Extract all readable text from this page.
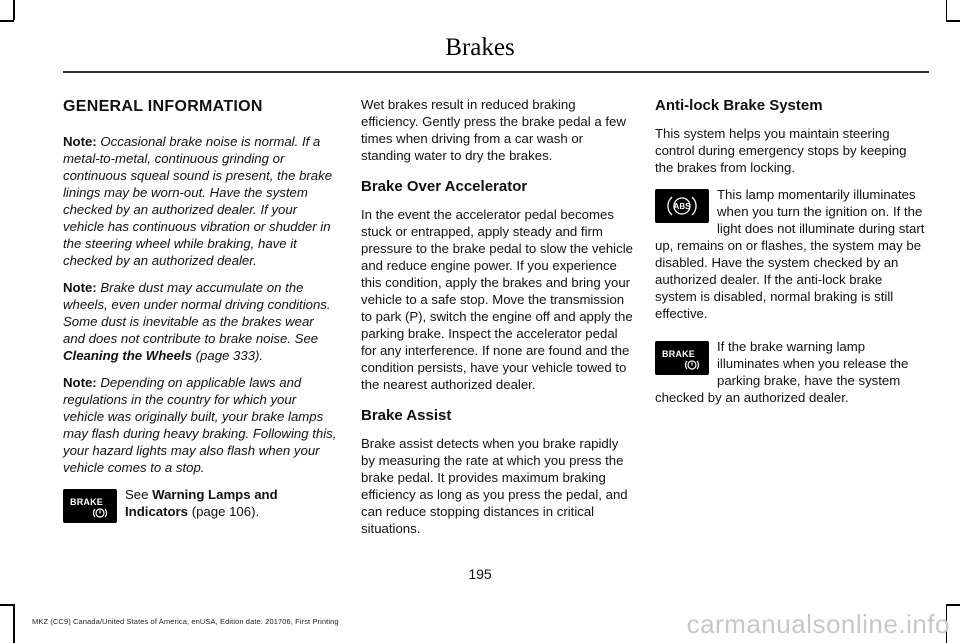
Brakes
GENERAL INFORMATION

Note: Occasional brake noise is normal. If a metal-to-metal, continuous grinding or continuous squeal sound is present, the brake linings may be worn-out. Have the system checked by an authorized dealer. If your vehicle has continuous vibration or shudder in the steering wheel while braking, have it checked by an authorized dealer.

Note: Brake dust may accumulate on the wheels, even under normal driving conditions. Some dust is inevitable as the brakes wear and does not contribute to brake noise. See Cleaning the Wheels (page 333).

Note: Depending on applicable laws and regulations in the country for which your vehicle was originally built, your brake lamps may flash during heavy braking. Following this, your hazard lights may also flash when your vehicle comes to a stop.

BRAKE	See Warning Lamps and Indicators (page 106).

Wet brakes result in reduced braking efficiency. Gently press the brake pedal a few times when driving from a car wash or standing water to dry the brakes.

Brake Over Accelerator

In the event the accelerator pedal becomes stuck or entrapped, apply steady and firm pressure to the brake pedal to slow the vehicle and reduce engine power. If you experience this condition, apply the brakes and bring your vehicle to a safe stop. Move the transmission to park (P), switch the engine off and apply the parking brake. Inspect the accelerator pedal for any interference. If none are found and the condition persists, have your vehicle towed to the nearest authorized dealer.

Brake Assist

Brake assist detects when you brake rapidly by measuring the rate at which you press the brake pedal. It provides maximum braking efficiency as long as you press the pedal, and can reduce stopping distances in critical situations.

Anti-lock Brake System

This system helps you maintain steering control during emergency stops by keeping the brakes from locking.

ABS
This lamp momentarily illuminates when you turn the ignition on. If the light does not illuminate during start up, remains on or flashes, the system may be disabled. Have the system checked by an authorized dealer. If the anti-lock brake system is disabled, normal braking is still effective.
BRAKE If the brake warning lamp illuminates when you release the parking brake, have the system checked by an authorized dealer.
195
MKZ (CC9) Canada/United States of America, enUSA, Edition date: 201706, First Printing	carmanualsonline.info
